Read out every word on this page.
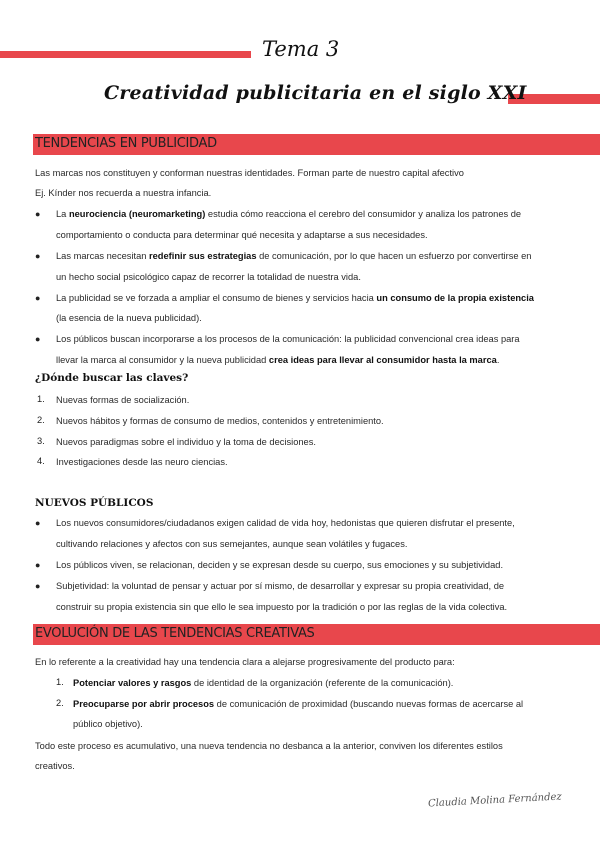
Tema 3
Creatividad publicitaria en el siglo XXI
TENDENCIAS EN PUBLICIDAD
Las marcas nos constituyen y conforman nuestras identidades. Forman parte de nuestro capital afectivo
Ej. Kínder nos recuerda a nuestra infancia.
● La neurociencia (neuromarketing) estudia cómo reacciona el cerebro del consumidor y analiza los patrones de
comportamiento o conducta para determinar qué necesita y adaptarse a sus necesidades.
● Las marcas necesitan redefinir sus estrategias de comunicación, por lo que hacen un esfuerzo por convertirse en
un hecho social psicológico capaz de recorrer la totalidad de nuestra vida.
● La publicidad se ve forzada a ampliar el consumo de bienes y servicios hacia un consumo de la propia existencia
(la esencia de la nueva publicidad).
● Los públicos buscan incorporarse a los procesos de la comunicación: la publicidad convencional crea ideas para
llevar la marca al consumidor y la nueva publicidad crea ideas para llevar al consumidor hasta la marca.
¿Dónde buscar las claves?
1. Nuevas formas de socialización.
2. Nuevos hábitos y formas de consumo de medios, contenidos y entretenimiento.
3. Nuevos paradigmas sobre el individuo y la toma de decisiones.
4. Investigaciones desde las neuro ciencias.
NUEVOS PÚBLICOS
● Los nuevos consumidores/ciudadanos exigen calidad de vida hoy, hedonistas que quieren disfrutar el presente,
cultivando relaciones y afectos con sus semejantes, aunque sean volátiles y fugaces.
● Los públicos viven, se relacionan, deciden y se expresan desde su cuerpo, sus emociones y su subjetividad.
● Subjetividad: la voluntad de pensar y actuar por sí mismo, de desarrollar y expresar su propia creatividad, de
construir su propia existencia sin que ello le sea impuesto por la tradición o por las reglas de la vida colectiva.
EVOLUCIÓN DE LAS TENDENCIAS CREATIVAS
En lo referente a la creatividad hay una tendencia clara a alejarse progresivamente del producto para:
1. Potenciar valores y rasgos de identidad de la organización (referente de la comunicación).
2. Preocuparse por abrir procesos de comunicación de proximidad (buscando nuevas formas de acercarse al
público objetivo).
Todo este proceso es acumulativo, una nueva tendencia no desbanca a la anterior, conviven los diferentes estilos
creativos.
Claudia Molina Fernández
